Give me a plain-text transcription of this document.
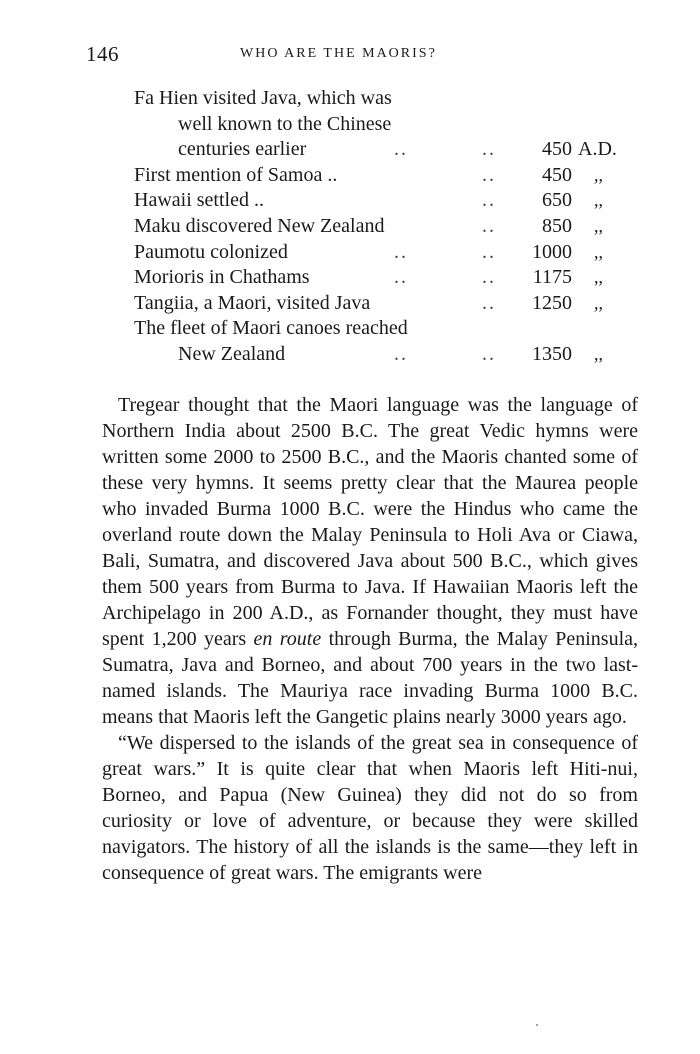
146	WHO ARE THE MAORIS?
Fa Hien visited Java, which was
well known to the Chinese
centuries earlier	..	.. 450 A.D.
First mention of Samoa ..	.. 450 ,,
Hawaii settled ..	.. 650 ,,
Maku discovered New Zealand	.. 850 ,,
Paumotu colonized	..	.. 1000 ,,
Morioris in Chathams	..	.. 1175 ,,
Tangiia, a Maori, visited Java	.. 1250 ,,
The fleet of Maori canoes reached
New Zealand	..	.. 1350 ,,

Tregear thought that the Maori language was the language of Northern India about 2500 B.C. The great Vedic hymns were written some 2000 to 2500 B.C., and the Maoris chanted some of these very hymns. It seems pretty clear that the Maurea people who invaded Burma 1000 B.C. were the Hindus who came the overland route down the Malay Peninsula to Holi Ava or Ciawa, Bali, Sumatra, and discovered Java about 500 B.C., which gives them 500 years from Burma to Java. If Hawaiian Maoris left the Archipelago in 200 A.D., as Fornander thought, they must have spent 1,200 years en route through Burma, the Malay Peninsula, Sumatra, Java and Borneo, and about 700 years in the two last-named islands. The Mauriya race invading Burma 1000 B.C. means that Maoris left the Gangetic plains nearly 3000 years ago.

“We dispersed to the islands of the great sea in consequence of great wars.” It is quite clear that when Maoris left Hiti-nui, Borneo, and Papua (New Guinea) they did not do so from curiosity or love of adventure, or because they were skilled navigators. The history of all the islands is the same—they left in consequence of great wars. The emigrants were
